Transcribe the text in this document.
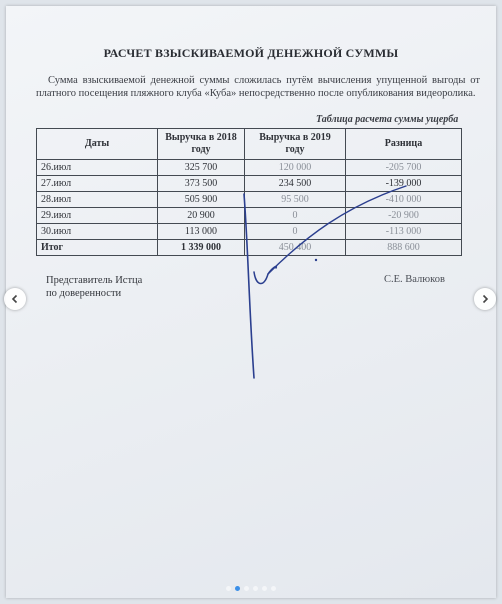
РАСЧЕТ ВЗЫСКИВАЕМОЙ ДЕНЕЖНОЙ СУММЫ
Сумма взыскиваемой денежной суммы сложилась путём вычисления упущенной выгоды от платного посещения пляжного клуба «Куба» непосредственно после опубликования видеоролика.
Таблица расчета суммы ущерба
Даты	Выручка в 2018 году	Выручка в 2019 году	Разница
26.июл	325 700	120 000	-205 700
27.июл	373 500	234 500	-139 000
28.июл	505 900	95 500	-410 000
29.июл	20 900	0	-20 900
30.июл	113 000	0	-113 000
Итог	1 339 000	450 400	888 600
Представитель Истца
по доверенности
С.Е. Валюков
